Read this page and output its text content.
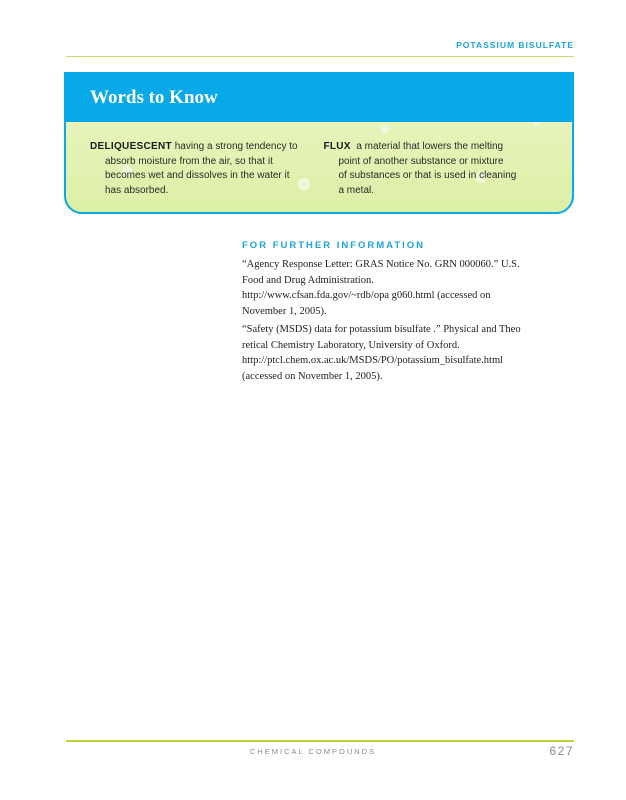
POTASSIUM BISULFATE
Words to Know

DELIQUESCENT having a strong tendency to
absorb moisture from the air, so that it
becomes wet and dissolves in the water it
has absorbed.

FLUX a material that lowers the melting
point of another substance or mixture
of substances or that is used in cleaning
a metal.

FOR FURTHER INFORMATION

“Agency Response Letter: GRAS Notice No. GRN 000060.” U.S.
Food and Drug Administration.
http://www.cfsan.fda.gov/~rdb/opa g060.html (accessed on
November 1, 2005).

“Safety (MSDS) data for potassium bisulfate .” Physical and Theo
retical Chemistry Laboratory, University of Oxford.
http://ptcl.chem.ox.ac.uk/MSDS/PO/potassium_bisulfate.html
(accessed on November 1, 2005).

CHEMICAL COMPOUNDS	627
